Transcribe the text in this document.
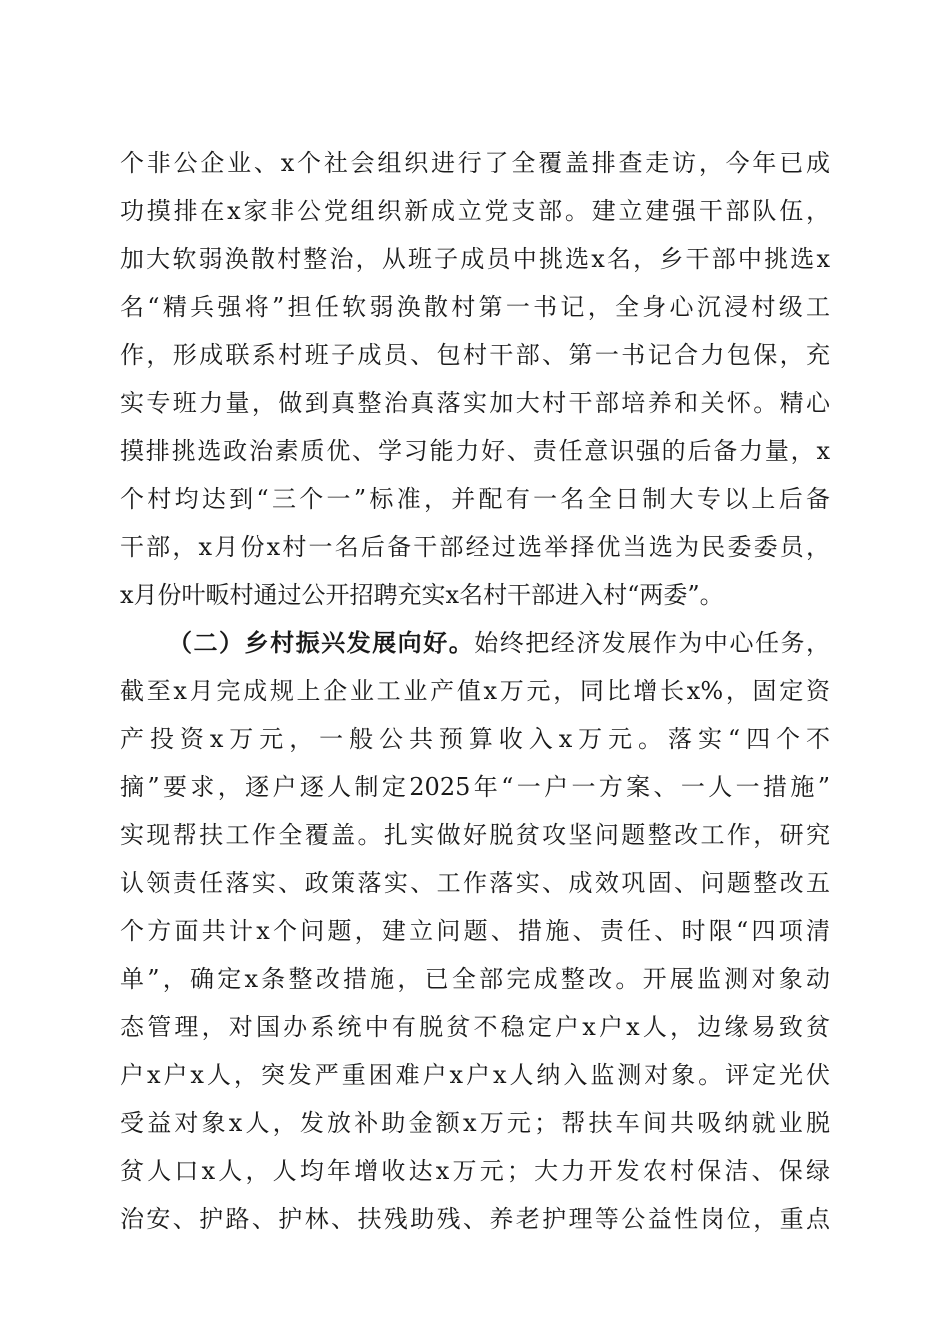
个非公企业、x个社会组织进行了全覆盖排查走访，今年已成
功摸排在x家非公党组织新成立党支部。建立建强干部队伍，
加大软弱涣散村整治，从班子成员中挑选x名，乡干部中挑选x
名“精兵强将”担任软弱涣散村第一书记，全身心沉浸村级工
作，形成联系村班子成员、包村干部、第一书记合力包保，充
实专班力量，做到真整治真落实加大村干部培养和关怀。精心
摸排挑选政治素质优、学习能力好、责任意识强的后备力量，x
个村均达到“三个一”标准，并配有一名全日制大专以上后备
干部，x月份x村一名后备干部经过选举择优当选为民委委员，
x月份叶畈村通过公开招聘充实x名村干部进入村“两委”。
（二）乡村振兴发展向好。始终把经济发展作为中心任务，
截至x月完成规上企业工业产值x万元，同比增长x%，固定资
产投资x万元，一般公共预算收入x万元。落实“四个不
摘”要求，逐户逐人制定2025年“一户一方案、一人一措施”
实现帮扶工作全覆盖。扎实做好脱贫攻坚问题整改工作，研究
认领责任落实、政策落实、工作落实、成效巩固、问题整改五
个方面共计x个问题，建立问题、措施、责任、时限“四项清
单”，确定x条整改措施，已全部完成整改。开展监测对象动
态管理，对国办系统中有脱贫不稳定户x户x人，边缘易致贫
户x户x人，突发严重困难户x户x人纳入监测对象。评定光伏
受益对象x人，发放补助金额x万元；帮扶车间共吸纳就业脱
贫人口x人，人均年增收达x万元；大力开发农村保洁、保绿
治安、护路、护林、扶残助残、养老护理等公益性岗位，重点
